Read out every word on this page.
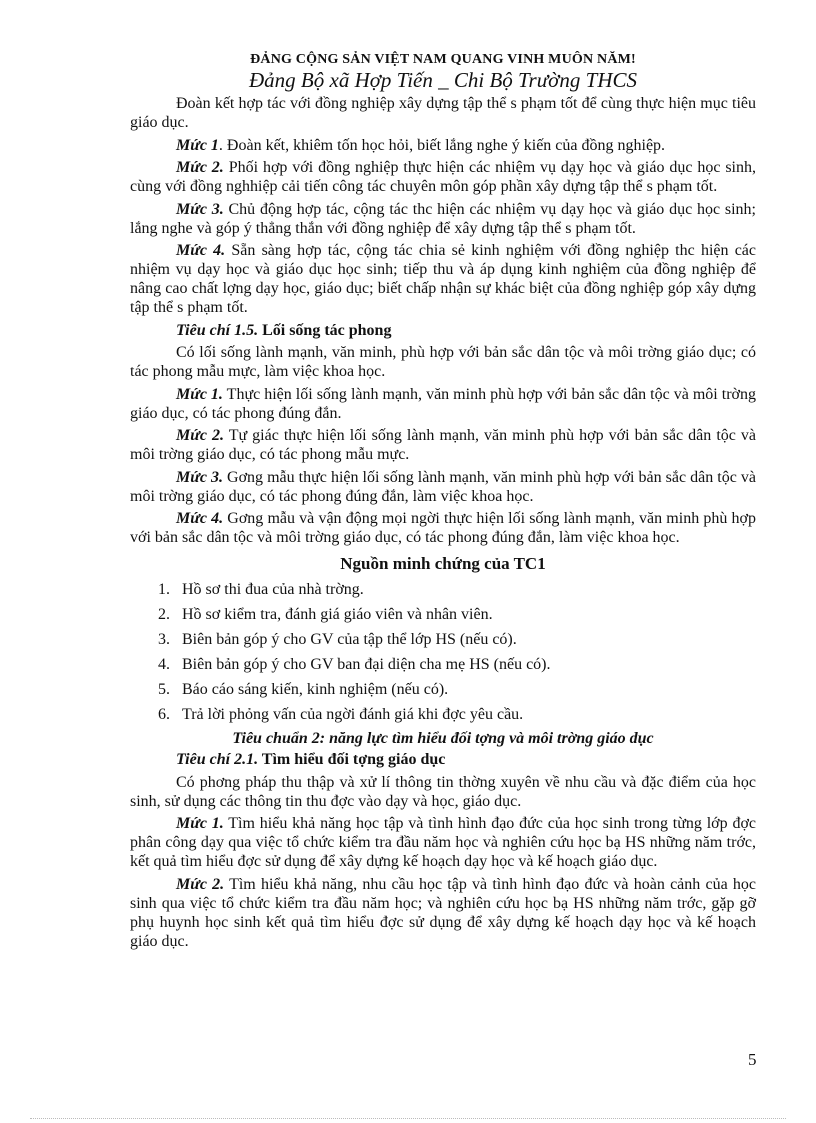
ĐẢNG CỘNG SẢN VIỆT NAM QUANG VINH MUÔN NĂM!
Đảng Bộ xã Hợp Tiến _ Chi Bộ Trường THCS

Đoàn kết hợp tác với đồng nghiệp xây dựng tập thể s phạm tốt để cùng thực hiện mục tiêu giáo dục.

Mức 1. Đoàn kết, khiêm tốn học hỏi, biết lắng nghe ý kiến của đồng nghiệp.

Mức 2. Phối hợp với đồng nghiệp thực hiện các nhiệm vụ dạy học và giáo dục học sinh, cùng với đồng nghhiệp cải tiến công tác chuyên môn góp phần xây dựng tập thể s phạm tốt.

Mức 3. Chủ động hợp tác, cộng tác thc hiện các nhiệm vụ dạy học và giáo dục học sinh; lắng nghe và góp ý thẳng thắn với đồng nghiệp để xây dựng tập thể s phạm tốt.

Mức 4. Sẵn sàng hợp tác, cộng tác chia sẻ kinh nghiệm với đồng nghiệp thc hiện các nhiệm vụ dạy học và giáo dục học sinh; tiếp thu và áp dụng kinh nghiệm của đồng nghiệp để nâng cao chất lợng dạy học, giáo dục; biết chấp nhận sự khác biệt của đồng nghiệp góp xây dựng tập thể s phạm tốt.

Tiêu chí 1.5. Lối sống tác phong

Có lối sống lành mạnh, văn minh, phù hợp với bản sắc dân tộc và môi trờng giáo dục; có tác phong mẫu mực, làm việc khoa học.

Mức 1. Thực hiện lối sống lành mạnh, văn minh phù hợp với bản sắc dân tộc và môi trờng giáo dục, có tác phong đúng đắn.

Mức 2. Tự giác thực hiện lối sống lành mạnh, văn minh phù hợp với bản sắc dân tộc và môi trờng giáo dục, có tác phong mẫu mực.

Mức 3. Gơng mẫu thực hiện lối sống lành mạnh, văn minh phù hợp với bản sắc dân tộc và môi trờng giáo dục, có tác phong đúng đắn, làm việc khoa học.

Mức 4. Gơng mẫu và vận động mọi ngời thực hiện lối sống lành mạnh, văn minh phù hợp với bản sắc dân tộc và môi trờng giáo dục, có tác phong đúng đắn, làm việc khoa học.

Nguồn minh chứng của TC1
1. Hồ sơ thi đua của nhà trờng.
2. Hồ sơ kiểm tra, đánh giá giáo viên và nhân viên.
3. Biên bản góp ý cho GV của tập thể lớp HS (nếu có).
4. Biên bản góp ý cho GV ban đại diện cha mẹ HS (nếu có).
5. Báo cáo sáng kiến, kinh nghiệm (nếu có).
6. Trả lời phỏng vấn của ngời đánh giá khi đợc yêu cầu.
Tiêu chuẩn 2: năng lực tìm hiểu đối tợng và môi trờng giáo dục

Tiêu chí 2.1. Tìm hiểu đối tợng giáo dục

Có phơng pháp thu thập và xử lí thông tin thờng xuyên về nhu cầu và đặc điểm của học sinh, sử dụng các thông tin thu đợc vào dạy và học, giáo dục.

Mức 1. Tìm hiểu khả năng học tập và tình hình đạo đức của học sinh trong từng lớp đợc phân công dạy qua việc tổ chức kiểm tra đầu năm học và nghiên cứu học bạ HS những năm trớc, kết quả tìm hiểu đợc sử dụng để xây dựng kế hoạch dạy học và kế hoạch giáo dục.

Mức 2. Tìm hiểu khả năng, nhu cầu học tập và tình hình đạo đức và hoàn cảnh của học sinh qua việc tổ chức kiểm tra đầu năm học; và nghiên cứu học bạ HS những năm trớc, gặp gỡ phụ huynh học sinh kết quả tìm hiểu đợc sử dụng để xây dựng kế hoạch dạy học và kế hoạch giáo dục.

5
